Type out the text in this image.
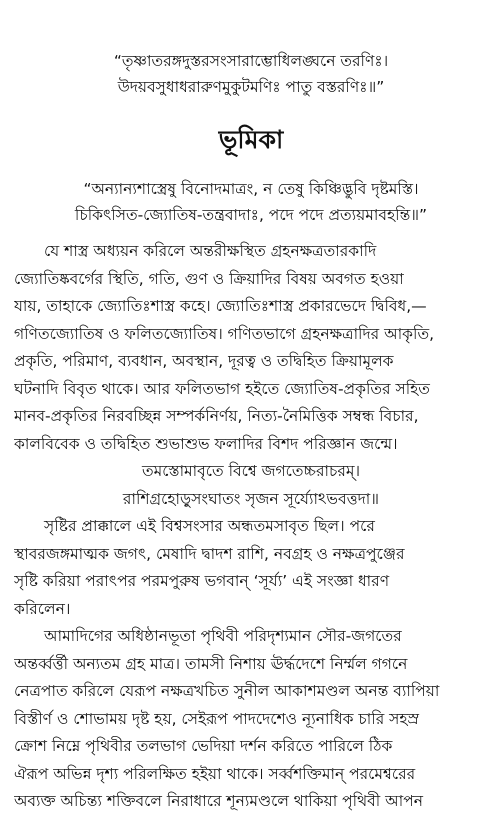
“তৃষ্ণাতরঙ্গদুস্তরসংসারাম্ভোধিলঙ্ঘনে তরণিঃ।
উদয়বসুধাধরারুণমুকুটমণিঃ পাতু বস্তরণিঃ॥”
ভূমিকা
“অন্যান্যশাস্ত্রেষু বিনোদমাত্রং, ন তেষু কিঞ্চিদ্ভুবি দৃষ্টমস্তি।
চিকিৎসিত-জ্যোতিষ-তন্ত্রবাদাঃ, পদে পদে প্রত্যয়মাবহন্তি॥”
যে শাস্ত্র অধ্যয়ন করিলে অন্তরীক্ষস্থিত গ্রহনক্ষত্রতারকাদি
জ্যোতিষ্কবর্গের স্থিতি, গতি, গুণ ও ক্রিয়াদির বিষয় অবগত হওয়া
যায়, তাহাকে জ্যোতিঃশাস্ত্র কহে। জ্যোতিঃশাস্ত্র প্রকারভেদে দ্বিবিধ,—
গণিতজ্যোতিষ ও ফলিতজ্যোতিষ। গণিতভাগে গ্রহনক্ষত্রাদির আকৃতি,
প্রকৃতি, পরিমাণ, ব্যবধান, অবস্থান, দূরত্ব ও তদ্বিহিত ক্রিয়ামূলক
ঘটনাদি বিবৃত থাকে। আর ফলিতভাগ হইতে জ্যোতিষ-প্রকৃতির সহিত
মানব-প্রকৃতির নিরবচ্ছিন্ন সম্পর্কনির্ণয়, নিত্য-নৈমিত্তিক সম্বন্ধ বিচার,
কালবিবেক ও তদ্বিহিত শুভাশুভ ফলাদির বিশদ পরিজ্ঞান জন্মে।
তমস্তোমাবৃতে বিশ্বে জগতেচ্চরাচরম্।
রাশিগ্রহোড়ুসংঘাতং সৃজন সূর্য্যোঽভবত্তদা॥
সৃষ্টির প্রাক্কালে এই বিশ্বসংসার অন্ধতমসাবৃত ছিল। পরে
স্থাবরজঙ্গমাত্মক জগৎ, মেষাদি দ্বাদশ রাশি, নবগ্রহ ও নক্ষত্রপুঞ্জের
সৃষ্টি করিয়া পরাৎপর পরমপুরুষ ভগবান্ ‘সূর্য্য’ এই সংজ্ঞা ধারণ
করিলেন।
আমাদিগের অধিষ্ঠানভূতা পৃথিবী পরিদৃশ্যমান সৌর-জগতের
অন্তর্ব্বর্ত্তী অন্যতম গ্রহ মাত্র। তামসী নিশায় ঊর্দ্ধদেশে নির্ম্মল গগনে
নেত্রপাত করিলে যেরূপ নক্ষত্রখচিত সুনীল আকাশমণ্ডল অনন্ত ব্যাপিয়া
বিস্তীর্ণ ও শোভাময় দৃষ্ট হয়, সেইরূপ পাদদেশেও ন্যূনাধিক চারি সহস্র
ক্রোশ নিম্নে পৃথিবীর তলভাগ ভেদিয়া দর্শন করিতে পারিলে ঠিক
ঐরূপ অভিন্ন দৃশ্য পরিলক্ষিত হইয়া থাকে। সর্ব্বশক্তিমান্ পরমেশ্বরের
অব্যক্ত অচিন্ত্য শক্তিবলে নিরাধারে শূন্যমণ্ডলে থাকিয়া পৃথিবী আপন
